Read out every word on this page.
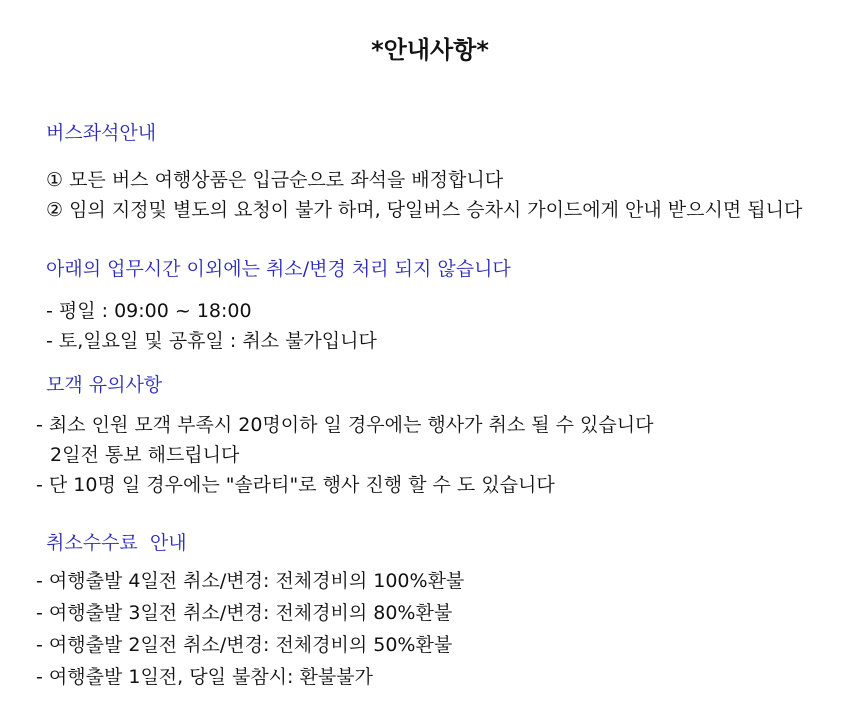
*안내사항*
버스좌석안내
① 모든 버스 여행상품은 입금순으로 좌석을 배정합니다
② 임의 지정및 별도의 요청이 불가 하며, 당일버스 승차시 가이드에게 안내 받으시면 됩니다
아래의 업무시간 이외에는 취소/변경 처리 되지 않습니다
- 평일 : 09:00 ~ 18:00
- 토,일요일 및 공휴일 : 취소 불가입니다
모객 유의사항
- 최소 인원 모객 부족시 20명이하 일 경우에는 행사가 취소 될 수 있습니다
2일전 통보 해드립니다
- 단 10명 일 경우에는 "솔라티"로 행사 진행 할 수 도 있습니다
취소수수료  안내
- 여행출발 4일전 취소/변경: 전체경비의 100%환불
- 여행출발 3일전 취소/변경: 전체경비의 80%환불
- 여행출발 2일전 취소/변경: 전체경비의 50%환불
- 여행출발 1일전, 당일 불참시: 환불불가
